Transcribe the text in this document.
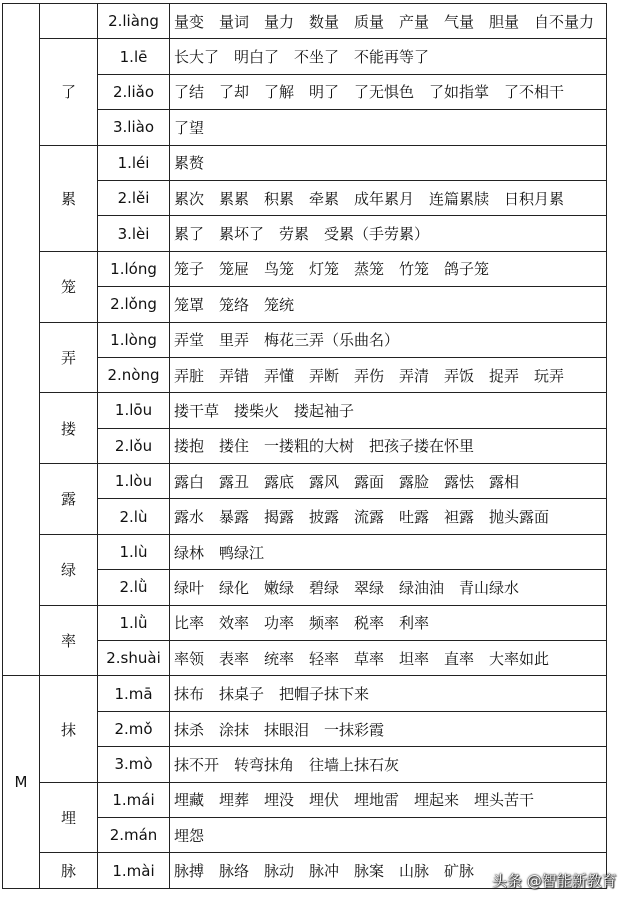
		2.liàng	量变　量词　量力　数量　质量　产量　气量　胆量　自不量力
	了	1.lē	长大了　明白了　不坐了　不能再等了
		2.liǎo	了结　了却　了解　明了　了无惧色　了如指掌　了不相干
		3.liào	了望
	累	1.léi	累赘
		2.lěi	累次　累累　积累　牵累　成年累月　连篇累牍　日积月累
		3.lèi	累了　累坏了　劳累　受累（手劳累）
	笼	1.lóng	笼子　笼屉　鸟笼　灯笼　蒸笼　竹笼　鸽子笼
		2.lǒng	笼罩　笼络　笼统
	弄	1.lòng	弄堂　里弄　梅花三弄（乐曲名）
		2.nòng	弄脏　弄错　弄懂　弄断　弄伤　弄清　弄饭　捉弄　玩弄
	搂	1.lōu	搂干草　搂柴火　搂起袖子
		2.lǒu	搂抱　搂住　一搂粗的大树　把孩子搂在怀里
	露	1.lòu	露白　露丑　露底　露风　露面　露脸　露怯　露相
		2.lù	露水　暴露　揭露　披露　流露　吐露　袒露　抛头露面
	绿	1.lù	绿林　鸭绿江
		2.lǜ	绿叶　绿化　嫩绿　碧绿　翠绿　绿油油　青山绿水
	率	1.lǜ	比率　效率　功率　频率　税率　利率
		2.shuài	率领　表率　统率　轻率　草率　坦率　直率　大率如此
M	抹	1.mā	抹布　抹桌子　把帽子抹下来
		2.mǒ	抹杀　涂抹　抹眼泪　一抹彩霞
		3.mò	抹不开　转弯抹角　往墙上抹石灰
	埋	1.mái	埋藏　埋葬　埋没　埋伏　埋地雷　埋起来　埋头苦干
		2.mán	埋怨
	脉	1.mài	脉搏　脉络　脉动　脉冲　脉案　山脉　矿脉
头条 @智能新教育
